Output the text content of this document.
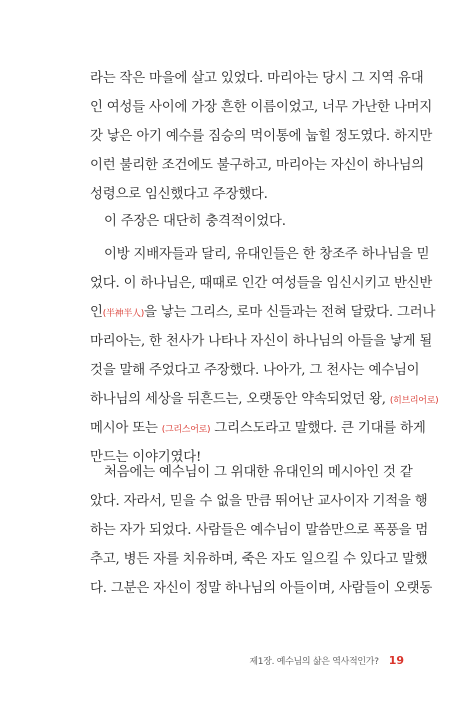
라는 작은 마을에 살고 있었다. 마리아는 당시 그 지역 유대
인 여성들 사이에 가장 흔한 이름이었고, 너무 가난한 나머지
갓 낳은 아기 예수를 짐승의 먹이통에 눕힐 정도였다. 하지만
이런 불리한 조건에도 불구하고, 마리아는 자신이 하나님의
성령으로 임신했다고 주장했다.
이 주장은 대단히 충격적이었다.
이방 지배자들과 달리, 유대인들은 한 창조주 하나님을 믿
었다. 이 하나님은, 때때로 인간 여성들을 임신시키고 반신반
인(半神半人)을 낳는 그리스, 로마 신들과는 전혀 달랐다. 그러나
마리아는, 한 천사가 나타나 자신이 하나님의 아들을 낳게 될
것을 말해 주었다고 주장했다. 나아가, 그 천사는 예수님이
하나님의 세상을 뒤흔드는, 오랫동안 약속되었던 왕, (히브리어로)
메시아 또는 (그리스어로) 그리스도라고 말했다. 큰 기대를 하게
만드는 이야기였다!
처음에는 예수님이 그 위대한 유대인의 메시아인 것 같
았다. 자라서, 믿을 수 없을 만큼 뛰어난 교사이자 기적을 행
하는 자가 되었다. 사람들은 예수님이 말씀만으로 폭풍을 멈
추고, 병든 자를 치유하며, 죽은 자도 일으킬 수 있다고 말했
다. 그분은 자신이 정말 하나님의 아들이며, 사람들이 오랫동
제1장. 예수님의 삶은 역사적인가? 19
